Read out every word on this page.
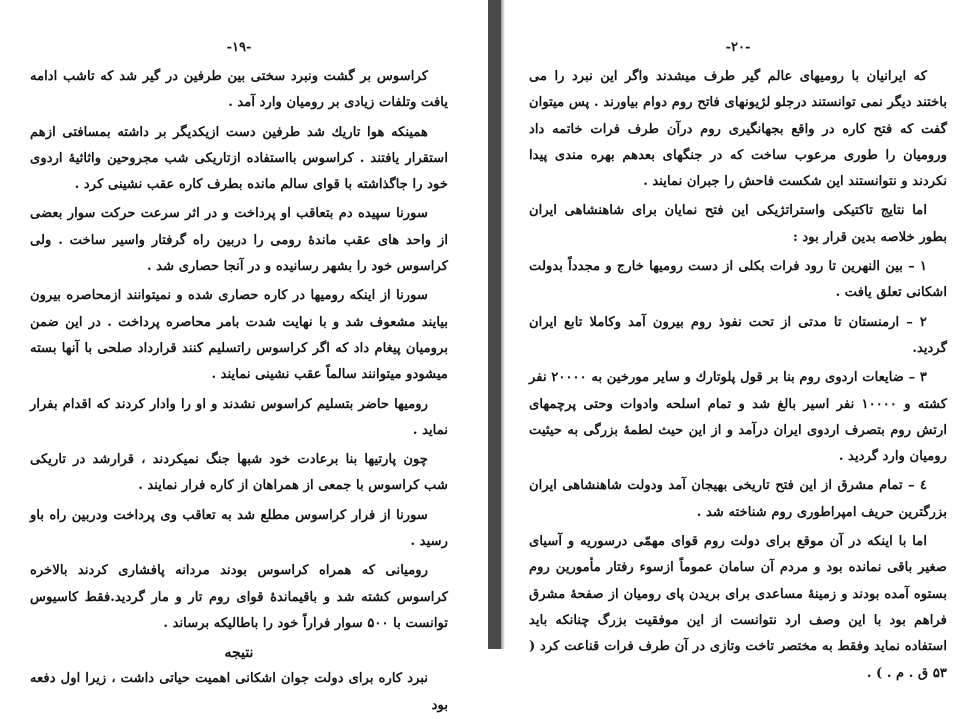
-۱۹-

کراسوس بر گشت ونبرد سختی بین طرفین در گیر شد که تاشب ادامه یافت وتلفات زیادی بر رومیان وارد آمد .

همینکه هوا تاریك شد طرفین دست ازیکدیگر بر داشته بمسافتی ازهم استقرار یافتند . کراسوس بااستفاده ازتاریکی شب مجروحین واثاثیهٔ اردوی خود را جاگذاشته با قوای سالم مانده بطرف کاره عقب نشینی کرد .

سورنا سپیده دم بتعاقب او پرداخت و در اثر سرعت حرکت سوار بعضی از واحد های عقب ماندهٔ رومی را دربین راه گرفتار واسیر ساخت . ولی کراسوس خود را بشهر رسانیده و در آنجا حصاری شد .

سورنا از اینکه رومیها در کاره حصاری شده و نمیتوانند ازمحاصره بیرون بیایند مشعوف شد و با نهایت شدت بامر محاصره پرداخت . در این ضمن برومیان پیغام داد که اگر کراسوس راتسلیم کنند قرارداد صلحی با آنها بسته میشودو میتوانند سالماً عقب نشینی نمایند .

رومیها حاضر بتسلیم کراسوس نشدند و او را وادار کردند که اقدام بفرار نماید .

چون پارتیها بنا برعادت خود شبها جنگ نمیکردند ، قرارشد در تاریکی شب کراسوس با جمعی از همراهان از کاره فرار نمایند .

سورنا از فرار کراسوس مطلع شد به تعاقب وی پرداخت ودربین راه باو رسید .

رومیانی که همراه کراسوس بودند مردانه پافشاری کردند بالاخره کراسوس کشته شد و باقیماندهٔ قوای روم تار و مار گردید.فقط کاسیوس توانست با ۵۰۰ سوار فراراً خود را باطالیکه برساند .

نتیجه

نبرد کاره برای دولت جوان اشکانی اهمیت حیاتی داشت ، زیرا اول دفعه بود

-۲۰-

که ایرانیان با رومیهای عالم گیر طرف میشدند واگر این نبرد را می باختند دیگر نمی توانستند درجلو لژیونهای فاتح روم دوام بیاورند . پس میتوان گفت که فتح کاره در واقع بجهانگیری روم درآن طرف فرات خاتمه داد ورومیان را طوری مرعوب ساخت که در جنگهای بعدهم بهره مندی پیدا نکردند و نتوانستند این شکست فاحش را جبران نمایند .

اما نتایج تاکتیکی واستراتژیکی این فتح نمایان برای شاهنشاهی ایران بطور خلاصه بدین قرار بود :

۱ – بین النهرین تا رود فرات بکلی از دست رومیها خارج و مجدداً بدولت اشکانی تعلق یافت .

۲ – ارمنستان تا مدتی از تحت نفوذ روم بیرون آمد وکاملا تابع ایران گردید.

۳ – ضایعات اردوی روم بنا بر قول پلوتارك و سایر مورخین به ۲۰۰۰۰ نفر کشته و ۱۰۰۰۰ نفر اسیر بالغ شد و تمام اسلحه وادوات وحتی پرچمهای ارتش روم بتصرف اردوی ایران درآمد و از این حیث لطمهٔ بزرگی به حیثیت رومیان وارد گردید .

٤ – تمام مشرق از این فتح تاریخی بهیجان آمد ودولت شاهنشاهی ایران بزرگترین حریف امپراطوری روم شناخته شد .

اما با اینکه در آن موقع برای دولت روم قوای مهمّی درسوریه و آسیای صغیر باقی نمانده بود و مردم آن سامان عموماً ازسوء رفتار مأمورین روم بستوه آمده بودند و زمینهٔ مساعدی برای بریدن پای رومیان از صفحهٔ مشرق فراهم بود با این وصف ارد نتوانست از این موفقیت بزرگ چنانکه باید استفاده نماید وفقط به مختصر تاخت وتازی در آن طرف فرات قناعت کرد ( ۵۳ ق . م . ) .
